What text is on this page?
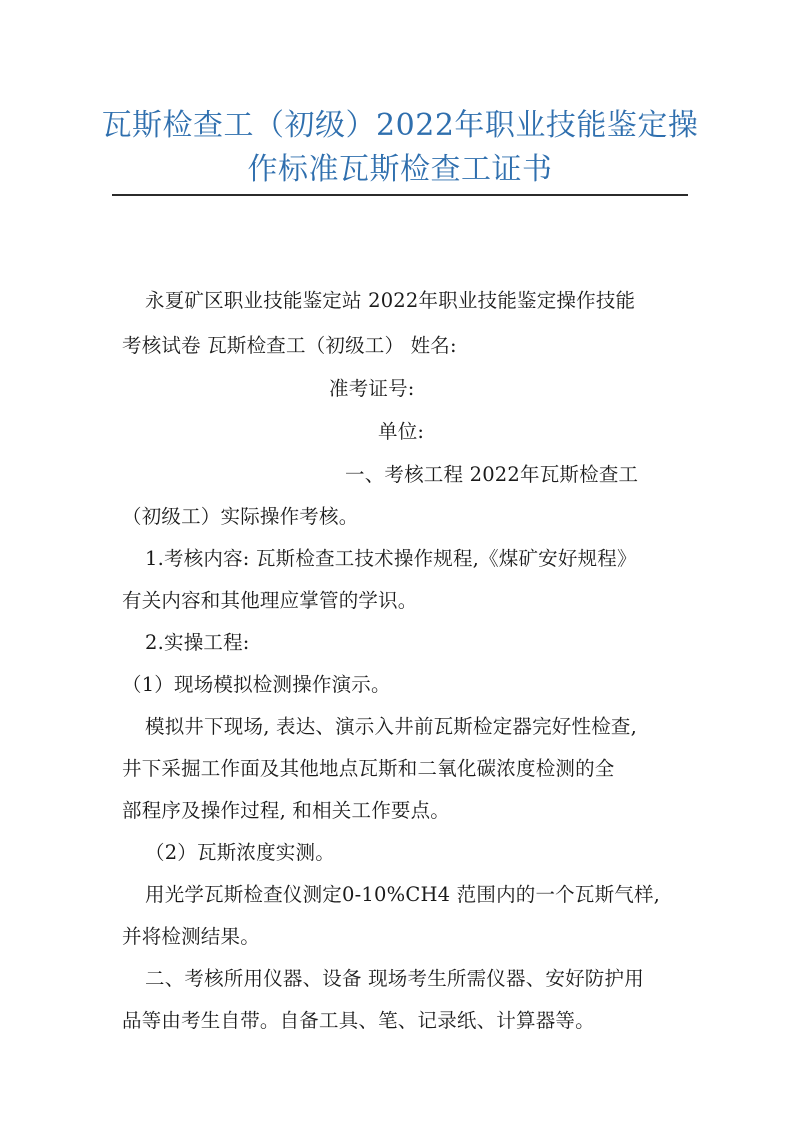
瓦斯检查工（初级）2022年职业技能鉴定操
作标准瓦斯检查工证书
永夏矿区职业技能鉴定站 2022年职业技能鉴定操作技能
考核试卷 瓦斯检查工（初级工） 姓名:
准考证号:
单位:
一、考核工程 2022年瓦斯检查工
（初级工）实际操作考核。
1.考核内容: 瓦斯检查工技术操作规程,《煤矿安好规程》
有关内容和其他理应掌管的学识。
2.实操工程:
（1）现场模拟检测操作演示。
模拟井下现场, 表达、演示入井前瓦斯检定器完好性检查,
井下采掘工作面及其他地点瓦斯和二氧化碳浓度检测的全
部程序及操作过程, 和相关工作要点。
（2）瓦斯浓度实测。
用光学瓦斯检查仪测定0-10%CH4 范围内的一个瓦斯气样,
并将检测结果。
二、考核所用仪器、设备 现场考生所需仪器、安好防护用
品等由考生自带。自备工具、笔、记录纸、计算器等。
